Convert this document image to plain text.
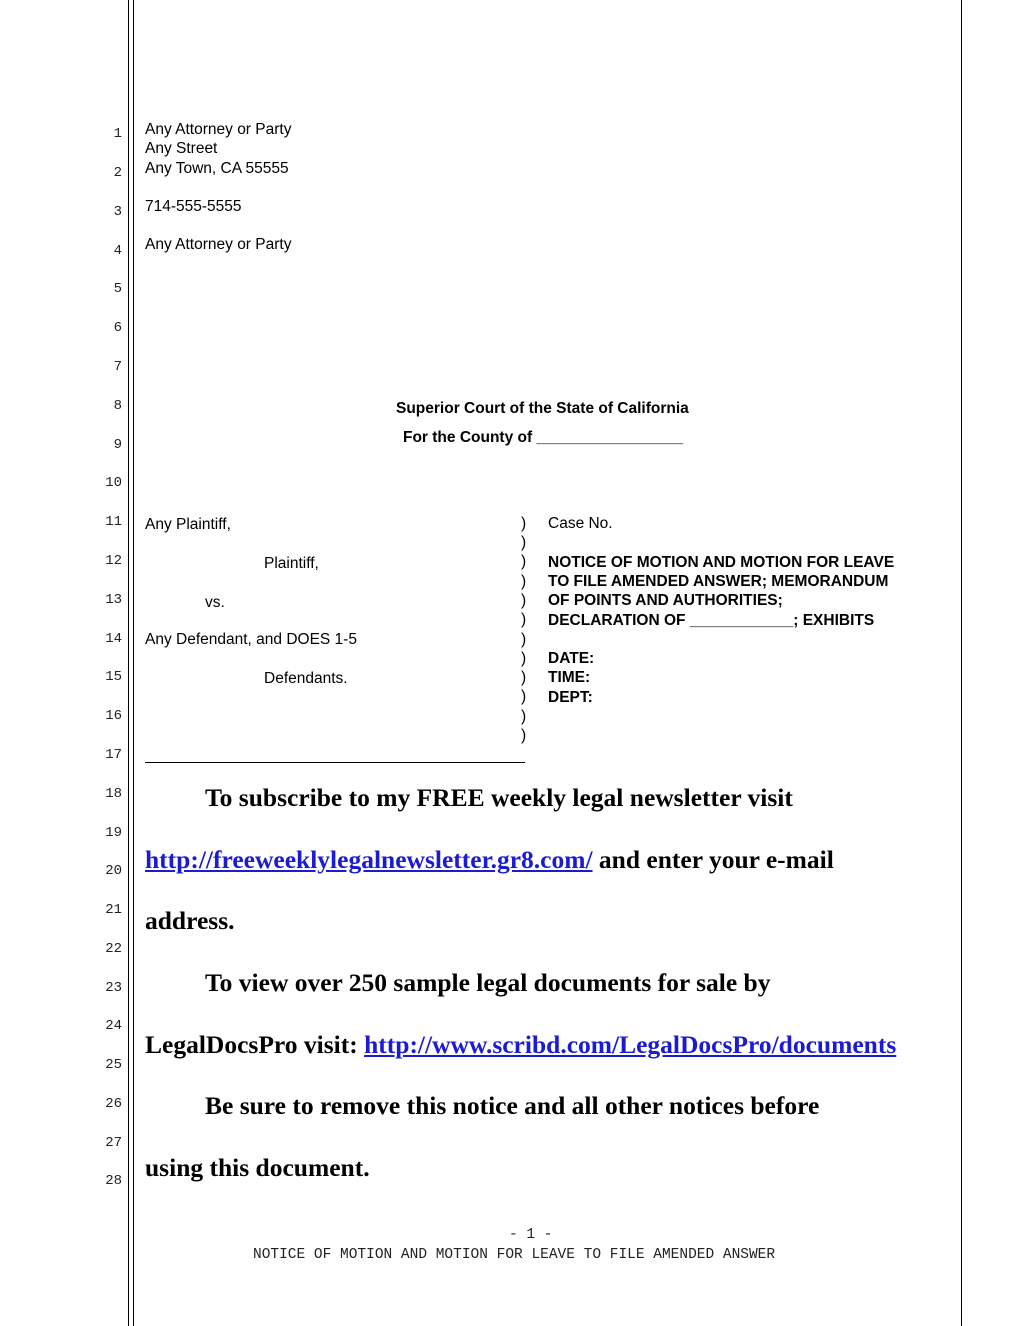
1
2
3
4
5
6
7
8
9
10
11
12
13
14
15
16
17
18
19
20
21
22
23
24
25
26
27
28
Any Attorney or Party
Any Street
Any Town, CA 55555
714-555-5555
Any Attorney or Party
Superior Court of the State of California
For the County of _________________
Any Plaintiff,
Plaintiff,
vs.
Any Defendant, and DOES 1-5
Defendants.
)
)
)
)
)
)
)
)
)
)
)
)
Case No.
NOTICE OF MOTION AND MOTION FOR LEAVE
TO FILE AMENDED ANSWER; MEMORANDUM
OF POINTS AND AUTHORITIES;
DECLARATION OF ____________; EXHIBITS
DATE:
TIME:
DEPT:
To subscribe to my FREE weekly legal newsletter visit
http://freeweeklylegalnewsletter.gr8.com/ and enter your e-mail
address.
To view over 250 sample legal documents for sale by
LegalDocsPro visit: http://www.scribd.com/LegalDocsPro/documents
Be sure to remove this notice and all other notices before
using this document.
- 1 -
NOTICE OF MOTION AND MOTION FOR LEAVE TO FILE AMENDED ANSWER
